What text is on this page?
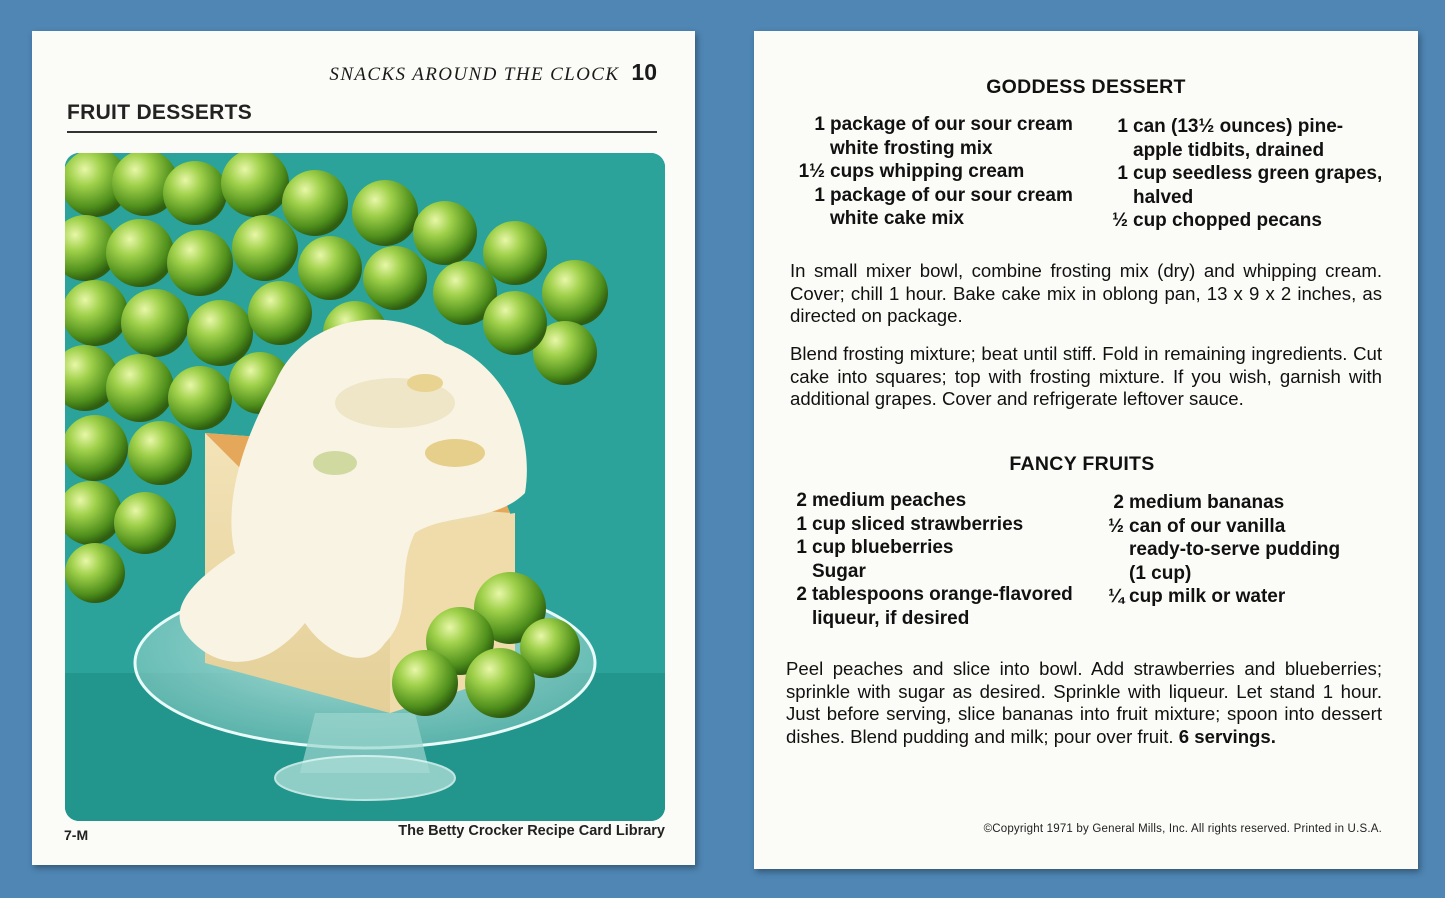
SNACKS AROUND THE CLOCK 10
FRUIT DESSERTS
7-M	The Betty Crocker Recipe Card Library
GODDESS DESSERT
1 package of our sour cream
white frosting mix
1½ cups whipping cream
1 package of our sour cream
white cake mix
1 can (13½ ounces) pine-
apple tidbits, drained
1 cup seedless green grapes,
halved
½ cup chopped pecans

In small mixer bowl, combine frosting mix (dry) and whipping cream. Cover; chill 1 hour. Bake cake mix in oblong pan, 13 x 9 x 2 inches, as directed on package.

Blend frosting mixture; beat until stiff. Fold in remaining ingredients. Cut cake into squares; top with frosting mixture. If you wish, garnish with additional grapes. Cover and refrigerate leftover sauce.

FANCY FRUITS
2 medium peaches
1 cup sliced strawberries
1 cup blueberries
Sugar
2 tablespoons orange-flavored
liqueur, if desired
2 medium bananas
½ can of our vanilla
ready-to-serve pudding
(1 cup)
¼ cup milk or water

Peel peaches and slice into bowl. Add strawberries and blueberries; sprinkle with sugar as desired. Sprinkle with liqueur. Let stand 1 hour. Just before serving, slice bananas into fruit mixture; spoon into dessert dishes. Blend pudding and milk; pour over fruit. 6 servings.

©Copyright 1971 by General Mills, Inc. All rights reserved. Printed in U.S.A.
